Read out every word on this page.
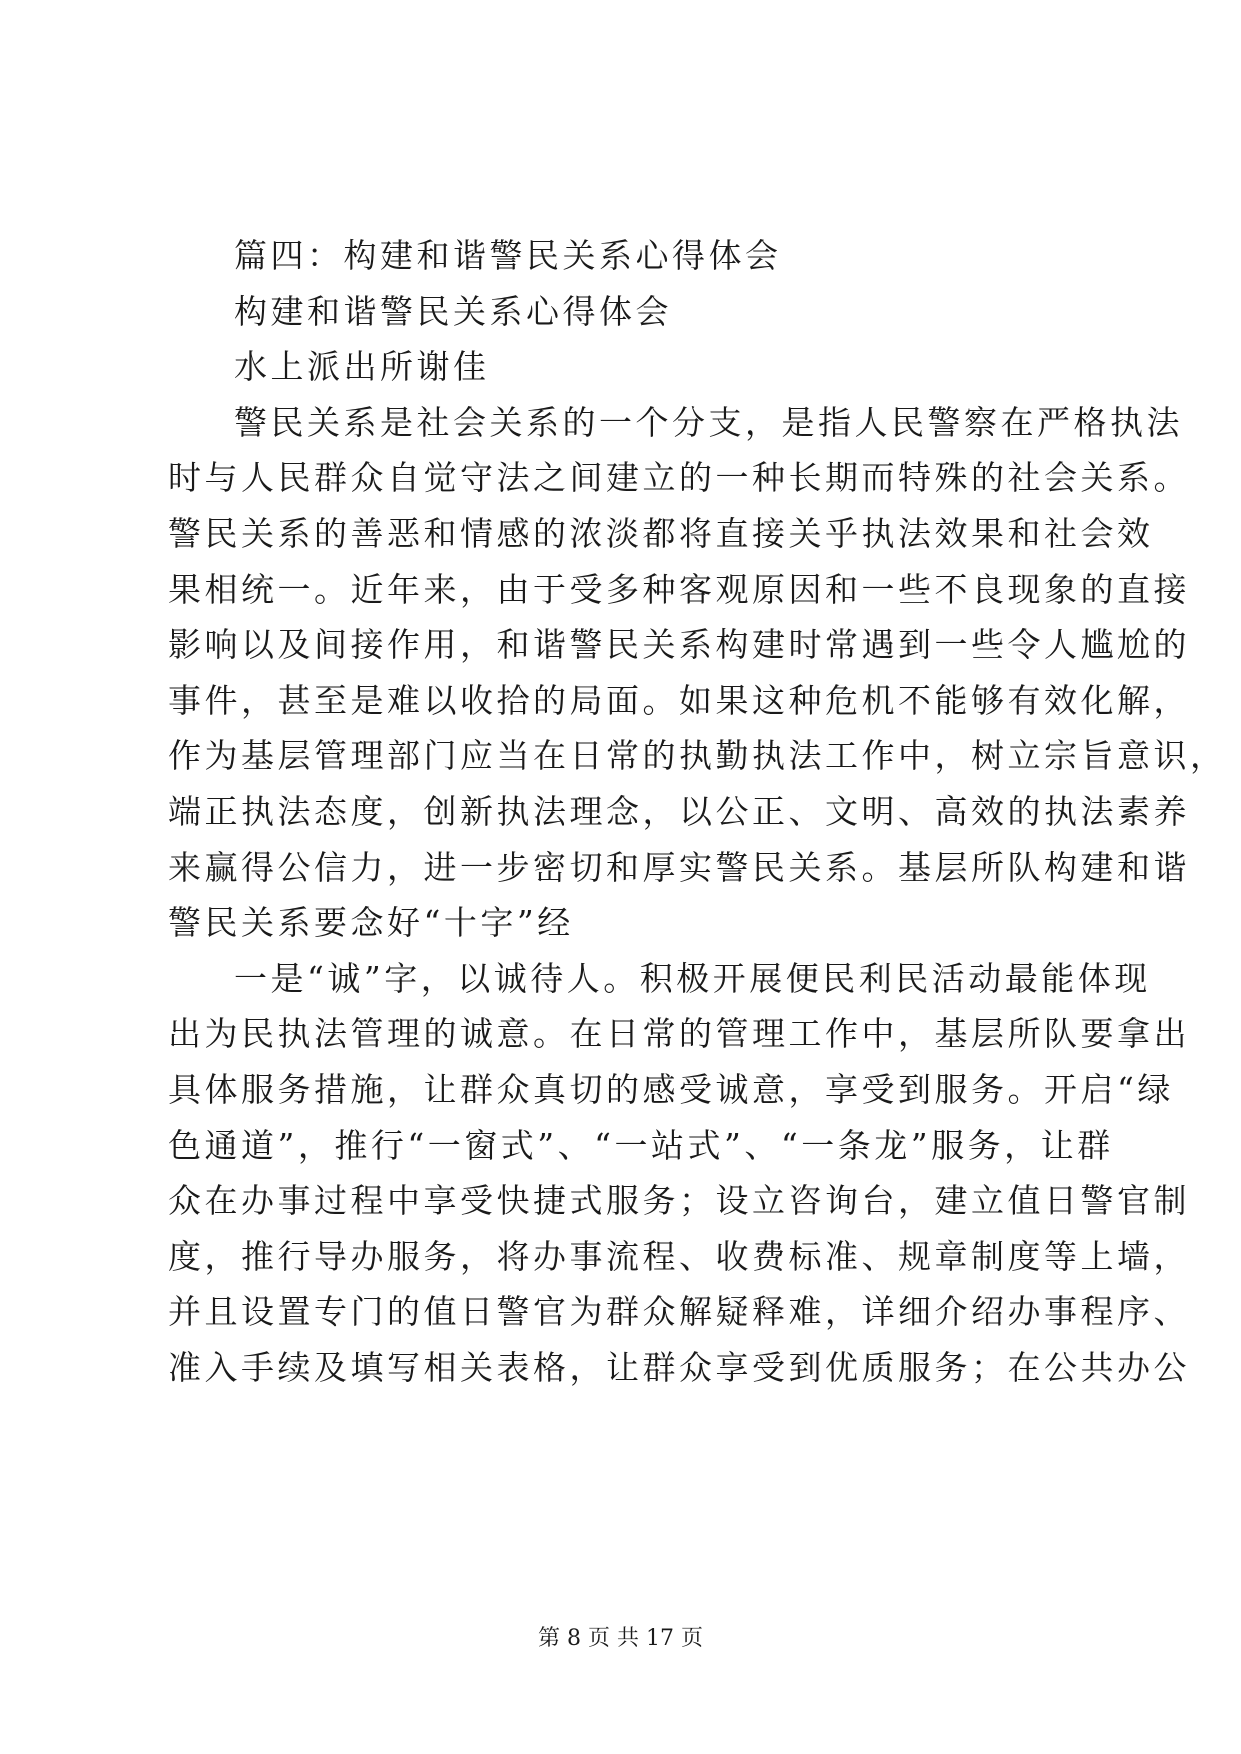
篇四：构建和谐警民关系心得体会
构建和谐警民关系心得体会
水上派出所谢佳
警民关系是社会关系的一个分支，是指人民警察在严格执法
时与人民群众自觉守法之间建立的一种长期而特殊的社会关系。
警民关系的善恶和情感的浓淡都将直接关乎执法效果和社会效
果相统一。近年来，由于受多种客观原因和一些不良现象的直接
影响以及间接作用，和谐警民关系构建时常遇到一些令人尴尬的
事件，甚至是难以收拾的局面。如果这种危机不能够有效化解，
作为基层管理部门应当在日常的执勤执法工作中，树立宗旨意识，
端正执法态度，创新执法理念，以公正、文明、高效的执法素养
来赢得公信力，进一步密切和厚实警民关系。基层所队构建和谐
警民关系要念好“十字”经
一是“诚”字，以诚待人。积极开展便民利民活动最能体现
出为民执法管理的诚意。在日常的管理工作中，基层所队要拿出
具体服务措施，让群众真切的感受诚意，享受到服务。开启“绿
色通道”，推行“一窗式”、“一站式”、“一条龙”服务，让群
众在办事过程中享受快捷式服务；设立咨询台，建立值日警官制
度，推行导办服务，将办事流程、收费标准、规章制度等上墙，
并且设置专门的值日警官为群众解疑释难，详细介绍办事程序、
准入手续及填写相关表格，让群众享受到优质服务；在公共办公
第 8 页 共 17 页
